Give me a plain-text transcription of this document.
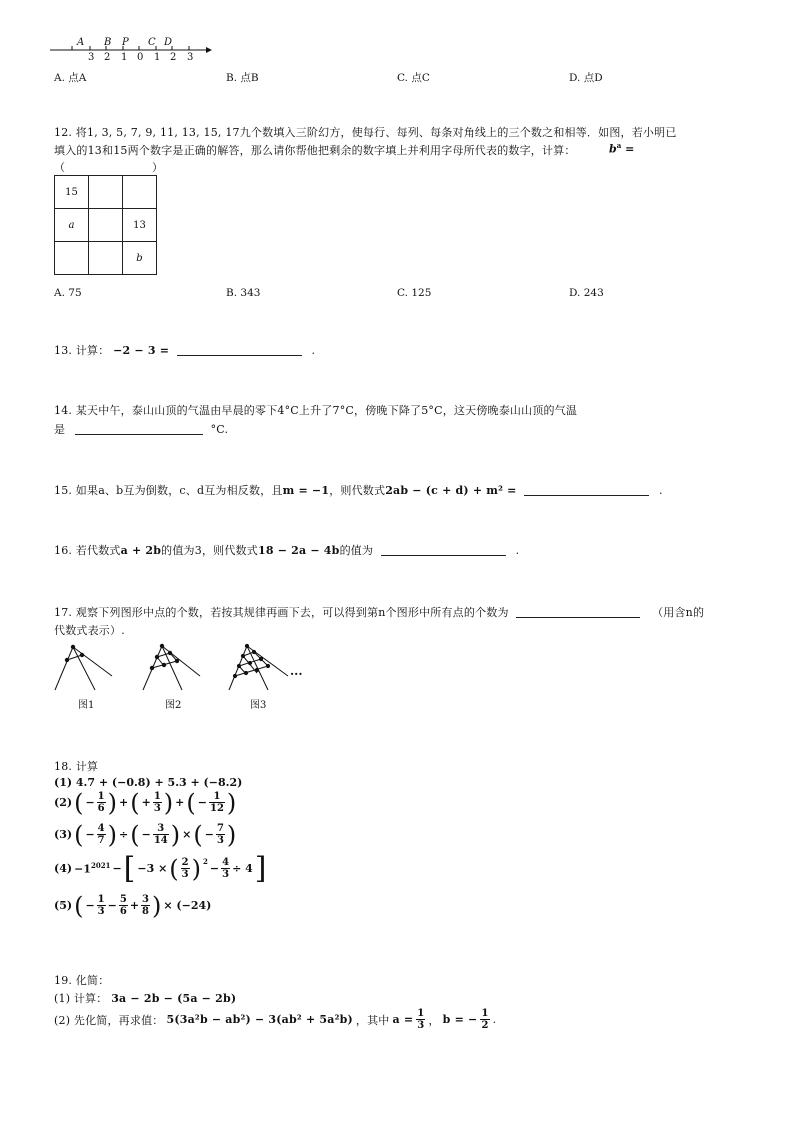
A B P C D
3 2 1 0 1 2 3
A. 点A	B. 点B	C. 点C	D. 点D
12. 将1, 3, 5, 7, 9, 11, 13, 15, 17九个数填入三阶幻方，使每行、每列、每条对角线上的三个数之和相等．如图，若小明已
填入的13和15两个数字是正确的解答，那么请你帮他把剩余的数字填上并利用字母所代表的数字，计算：	$b^a$ =
（	）
15		
a		13
		b
A. 75	B. 343	C. 125	D. 243
13. 计算： −2 − 3 =	.
14. 某天中午，泰山山顶的气温由早晨的零下4°C上升了7°C，傍晚下降了5°C，这天傍晚泰山山顶的气温
是	°C.
15. 如果a、b互为倒数，c、d互为相反数，且m = −1，则代数式2ab − (c + d) + m² =	.
16. 若代数式a + 2b的值为3，则代数式18 − 2a − 4b的值为	.
17. 观察下列图形中点的个数，若按其规律再画下去，可以得到第n个图形中所有点的个数为	（用含n的
代数式表示）.
...
图1	图2	图3
18. 计算
(1) 4.7 + (−0.8) + 5.3 + (−8.2)
(2) ( − $\frac{1}{6}$ ) + ( + $\frac{1}{3}$ ) + ( − $\frac{1}{12}$ )
(3) ( − $\frac{4}{7}$ ) ÷ ( − $\frac{3}{14}$ ) × ( − $\frac{7}{3}$ )
$(4) -1^{2021}$ − [ −3 × ( $\frac{2}{3}$ ) $^2$
− $\frac{4}{3} \div 4$ ]
(5) ( − $\frac{1}{3} - \frac{5}{6} + \frac{3}{8}$ ) × (−24)
19. 化简：
(1) 计算： 3a − 2b − (5a − 2b)
(2) 先化简，再求值： 5(3a²b − ab²) − 3(ab² + 5a²b) ，其中 $a = \frac{1}{3}$ ， b = − $\frac{1}{2}$ .
